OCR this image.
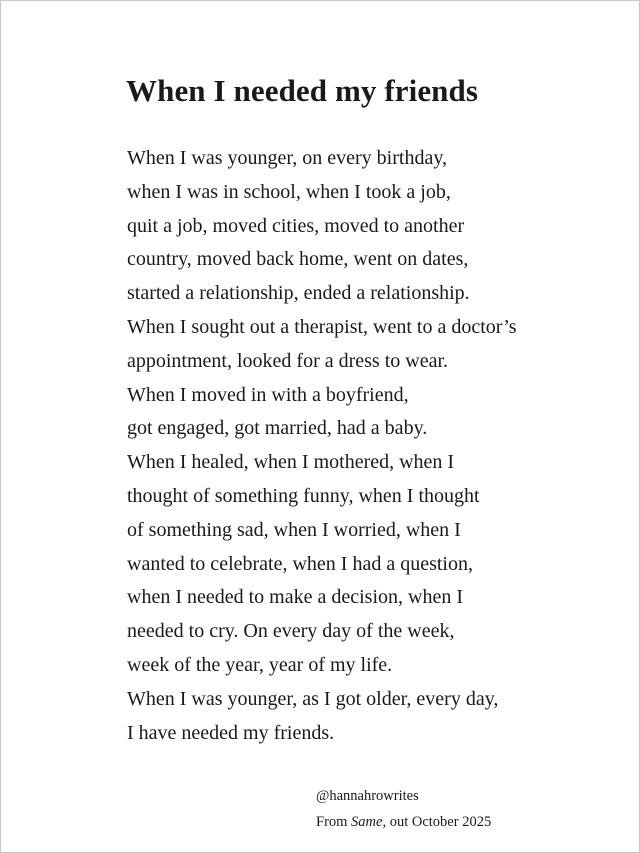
When I needed my friends
When I was younger, on every birthday,
when I was in school, when I took a job,
quit a job, moved cities, moved to another
country, moved back home, went on dates,
started a relationship, ended a relationship.
When I sought out a therapist, went to a doctor’s
appointment, looked for a dress to wear.
When I moved in with a boyfriend,
got engaged, got married, had a baby.
When I healed, when I mothered, when I
thought of something funny, when I thought
of something sad, when I worried, when I
wanted to celebrate, when I had a question,
when I needed to make a decision, when I
needed to cry. On every day of the week,
week of the year, year of my life.
When I was younger, as I got older, every day,
I have needed my friends.
@hannahrowrites
From Same, out October 2025
